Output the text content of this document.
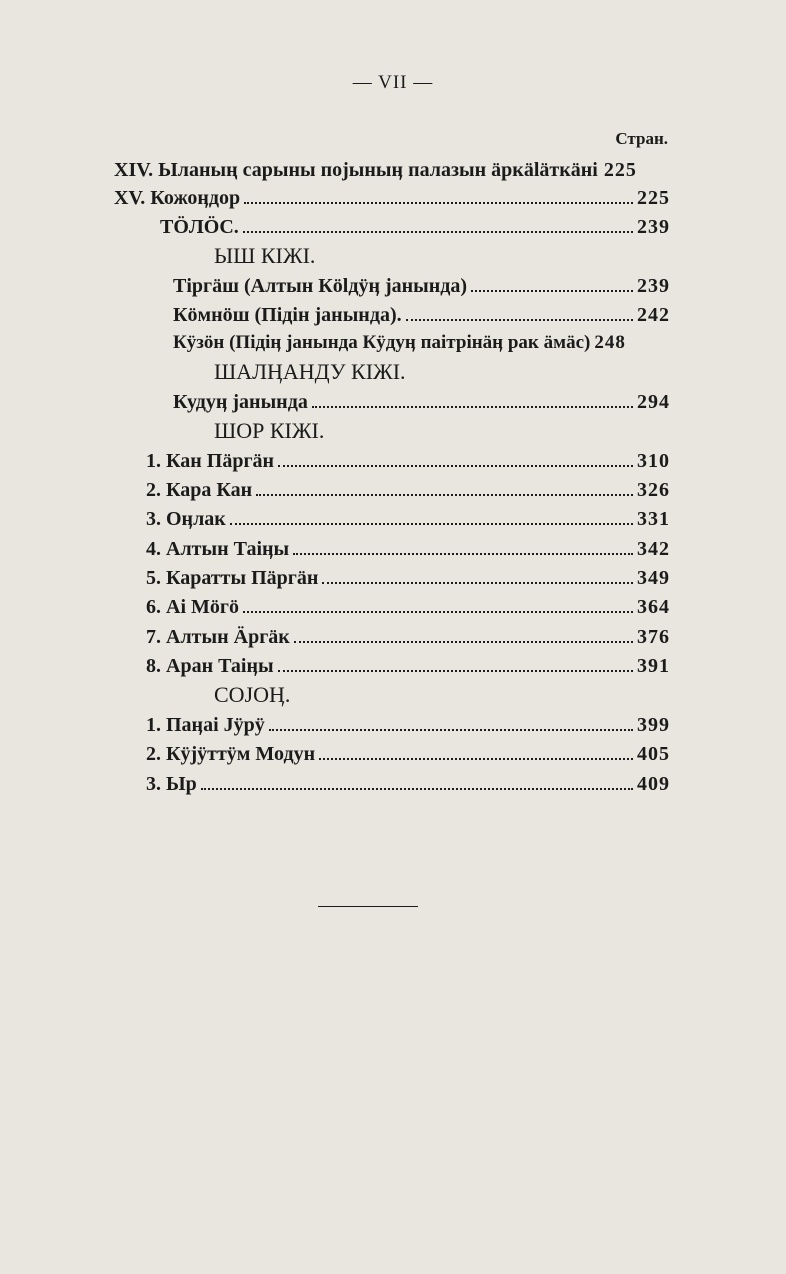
— VII —
Стран.
XIV. Ыланың сарыны пojыныӊ палазын äркäläткäнi 225
XV. Кожоӊдор	225
ТÖЛÖС.	239
ЫШ КIЖI.
Тiргäш (Алтын Кölдӱӊ jанында)	239
Кöмнöш (Пiдiн jанында).	242
Кӱзöн (Пiдiӊ jанында Кӱдуӊ паiтрiнäӊ рак äмäс) 248
ШАЛӉАНДУ КIЖI.
Кудуӊ jанында	294
ШОР КIЖI.
1. Кан Пäргäн	310
2. Кара Кан	326
3. Оӊлак	331
4. Алтын Таiӊы	342
5. Каратты Пäргäн	349
6. Аi Мöгö	364
7. Алтын Äргäк	376
8. Аран Таiӊы	391
СОJОӉ.
1. Паӊаi Jӱрӱ	399
2. Кӱjӱттӱм Модун	405
3. Ыр	409
